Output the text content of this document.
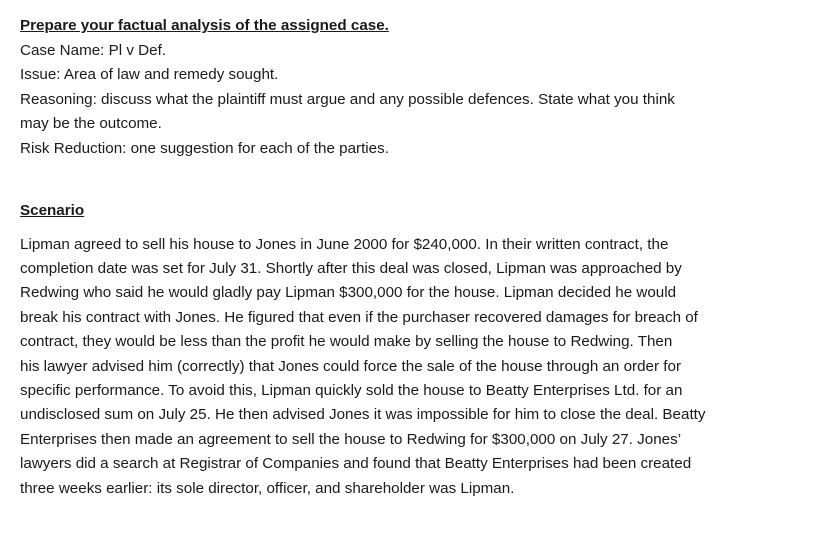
Prepare your factual analysis of the assigned case.

Case Name: Pl v Def.

Issue: Area of law and remedy sought.

Reasoning: discuss what the plaintiff must argue and any possible defences. State what you think

may be the outcome.

Risk Reduction: one suggestion for each of the parties.

Scenario

Lipman agreed to sell his house to Jones in June 2000 for $240,000. In their written contract, the

completion date was set for July 31. Shortly after this deal was closed, Lipman was approached by

Redwing who said he would gladly pay Lipman $300,000 for the house. Lipman decided he would

break his contract with Jones. He figured that even if the purchaser recovered damages for breach of

contract, they would be less than the profit he would make by selling the house to Redwing. Then

his lawyer advised him (correctly) that Jones could force the sale of the house through an order for

specific performance. To avoid this, Lipman quickly sold the house to Beatty Enterprises Ltd. for an

undisclosed sum on July 25. He then advised Jones it was impossible for him to close the deal. Beatty

Enterprises then made an agreement to sell the house to Redwing for $300,000 on July 27. Jones’

lawyers did a search at Registrar of Companies and found that Beatty Enterprises had been created

three weeks earlier: its sole director, officer, and shareholder was Lipman.
